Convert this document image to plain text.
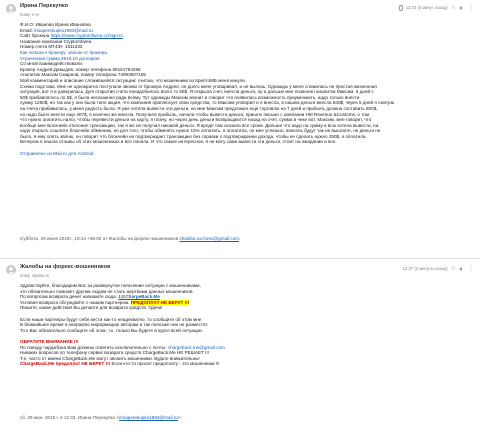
Ирина Перекупко
Кому: я ✉
12:33 (5 минут назад) ☆ ⋮
Ф.И.О: Иванова Ирина Ивановна
Email: irinaperekupko1983@mail.ru
Сайт брокера https://www.cryptomfarea.cz/sign-in
Название компании Cryptomfarea
Номер счета MT4ID- 1511333
Как попали к брокеру: звонок от брокера
Утраченная сумма 3918,10 долларов
Со мной взаимодействовали:
Брокер Андрей Давыдов, номер телефона 89181784258
Аналитик Максим Смирнов, номер телефона 74993507185
Мой комментарий и описание сложившейся ситуации: считаю, что мошенники из КриптоМБ меня кинули.
Схема подстава. Мне не однократно поступали звонки от брокера Андрея, он долго меня уговаривал, и не вылазь. Однажды у меня сложилась не простая жизненная
ситуация, вот я и доверилась. Для открытия счета понадобилось всего то 50$. Я открыла счет, внесла деньги, ну а дальше мне позвонил аналитик Максим. 5 дней с
50$ прибавлялось по 5$, я была несказанно рада всему. Тут однажды Максим звонит и говорит что появилась возможность приумножить, надо только внести
сумму 1250$, но так как у них была типо акция, что компания приплюсует свои средства, то Максим уговорил и я внесла, в нашем деньги внесла 840$, через 5 дней я смотрю
на счета прибавилось, у меня радость была. Я уже хотела вывести эти деньги, но мне Максим предложил еще торговлю на 7 дней и прибыль должна составить 800$,
но надо было внести еще 407$, я конечно же внесла. Получила прибыль, начала чтобы вывести деньги, пришло письмо с компании HM Revenue &Customs, о том
что нужно оплатить налог, чтобы перевести деньги на карту, я плачу, но через день деньги возвращаются назад на счет, сумма в чеке вот, Максим, мне говорит, что
вообще мне Блокчейн отклонил транзакцию, так я же не получил никакой деньги. Я вроде там сказала все сроки. Дальше что надо на сумму и всю хотела вывести, на
надо открыть сошлите блокчейн обменник, но для того, чтобы обменять нужно 10% оплатить, я оплатила, он мне успешно, вексель будут так не вышлите, не деньги не
было, я ему опять звоню, он говорит что блокчейн не подтверждает транзакцию без справки о подтверждении дохода, чтобы ее сделать нужно 250$, я оплатила.
Вечером я нашла отзывы об этих мошенниках и все поняла. И что самое интересное, я не могу сама вывести эти деньги, стоит на ожидании и все.
Отправлено из Mail.ru для Android
Суббота, 29 июня 2019г., 10:44 +05:00 от Жалобы на форекс-мошенников zhaloba.na.forex@gmail.com:
Жалобы на форекс-мошенников
Кому: Ирина ✉
12:37 (2 минуты назад) ☆ ⋮
Здравствуйте, благодарим Вас за развернутое пояснение ситуации с мошенниками,
это обязательно поможет другим людям не стать жертвами данных мошенников.
По вопросам возврата денег напишите сюда: 1@ChargeBack.Me
Условия возврата обсуждайте с нашим партнером. ПРЕДОПЛАТ НЕ БЕРУТ !!!
Пишите, какие действия Вы делаете для возврата средств. Удачи!
Если наши партнеры будут себя вести как-то неадекватно, то сообщите об этом мне
В ближайшее время я направлю информацию авторам и так попозже они не разместят.
То к Вас обязательно сообщите об этом, т.к. только Вы будете в курсе всей ситуации.
ОБРАТИТЕ ВНИМАНИЕ !!!
По поводу чарджбэка Вам должны ответить исключительно с почты: chargeback.me@gmail.com
Никаких вопросов по телефону сервис возврата средств ChargeBack.Me НЕ РЕШАЕТ !!!
Т.е. часто от имени ChargeBack.Me могут звонить мошенники. Будьте внимательны!
ChargeBack.Me предоплат НЕ БЕРЕТ !!! Если кто-то просит предоплату - это мошенники !!!
сб, 29 июн. 2019 г. в 12:33, Ирина Перекупко <irinaperekupko1983@mail.ru>:
